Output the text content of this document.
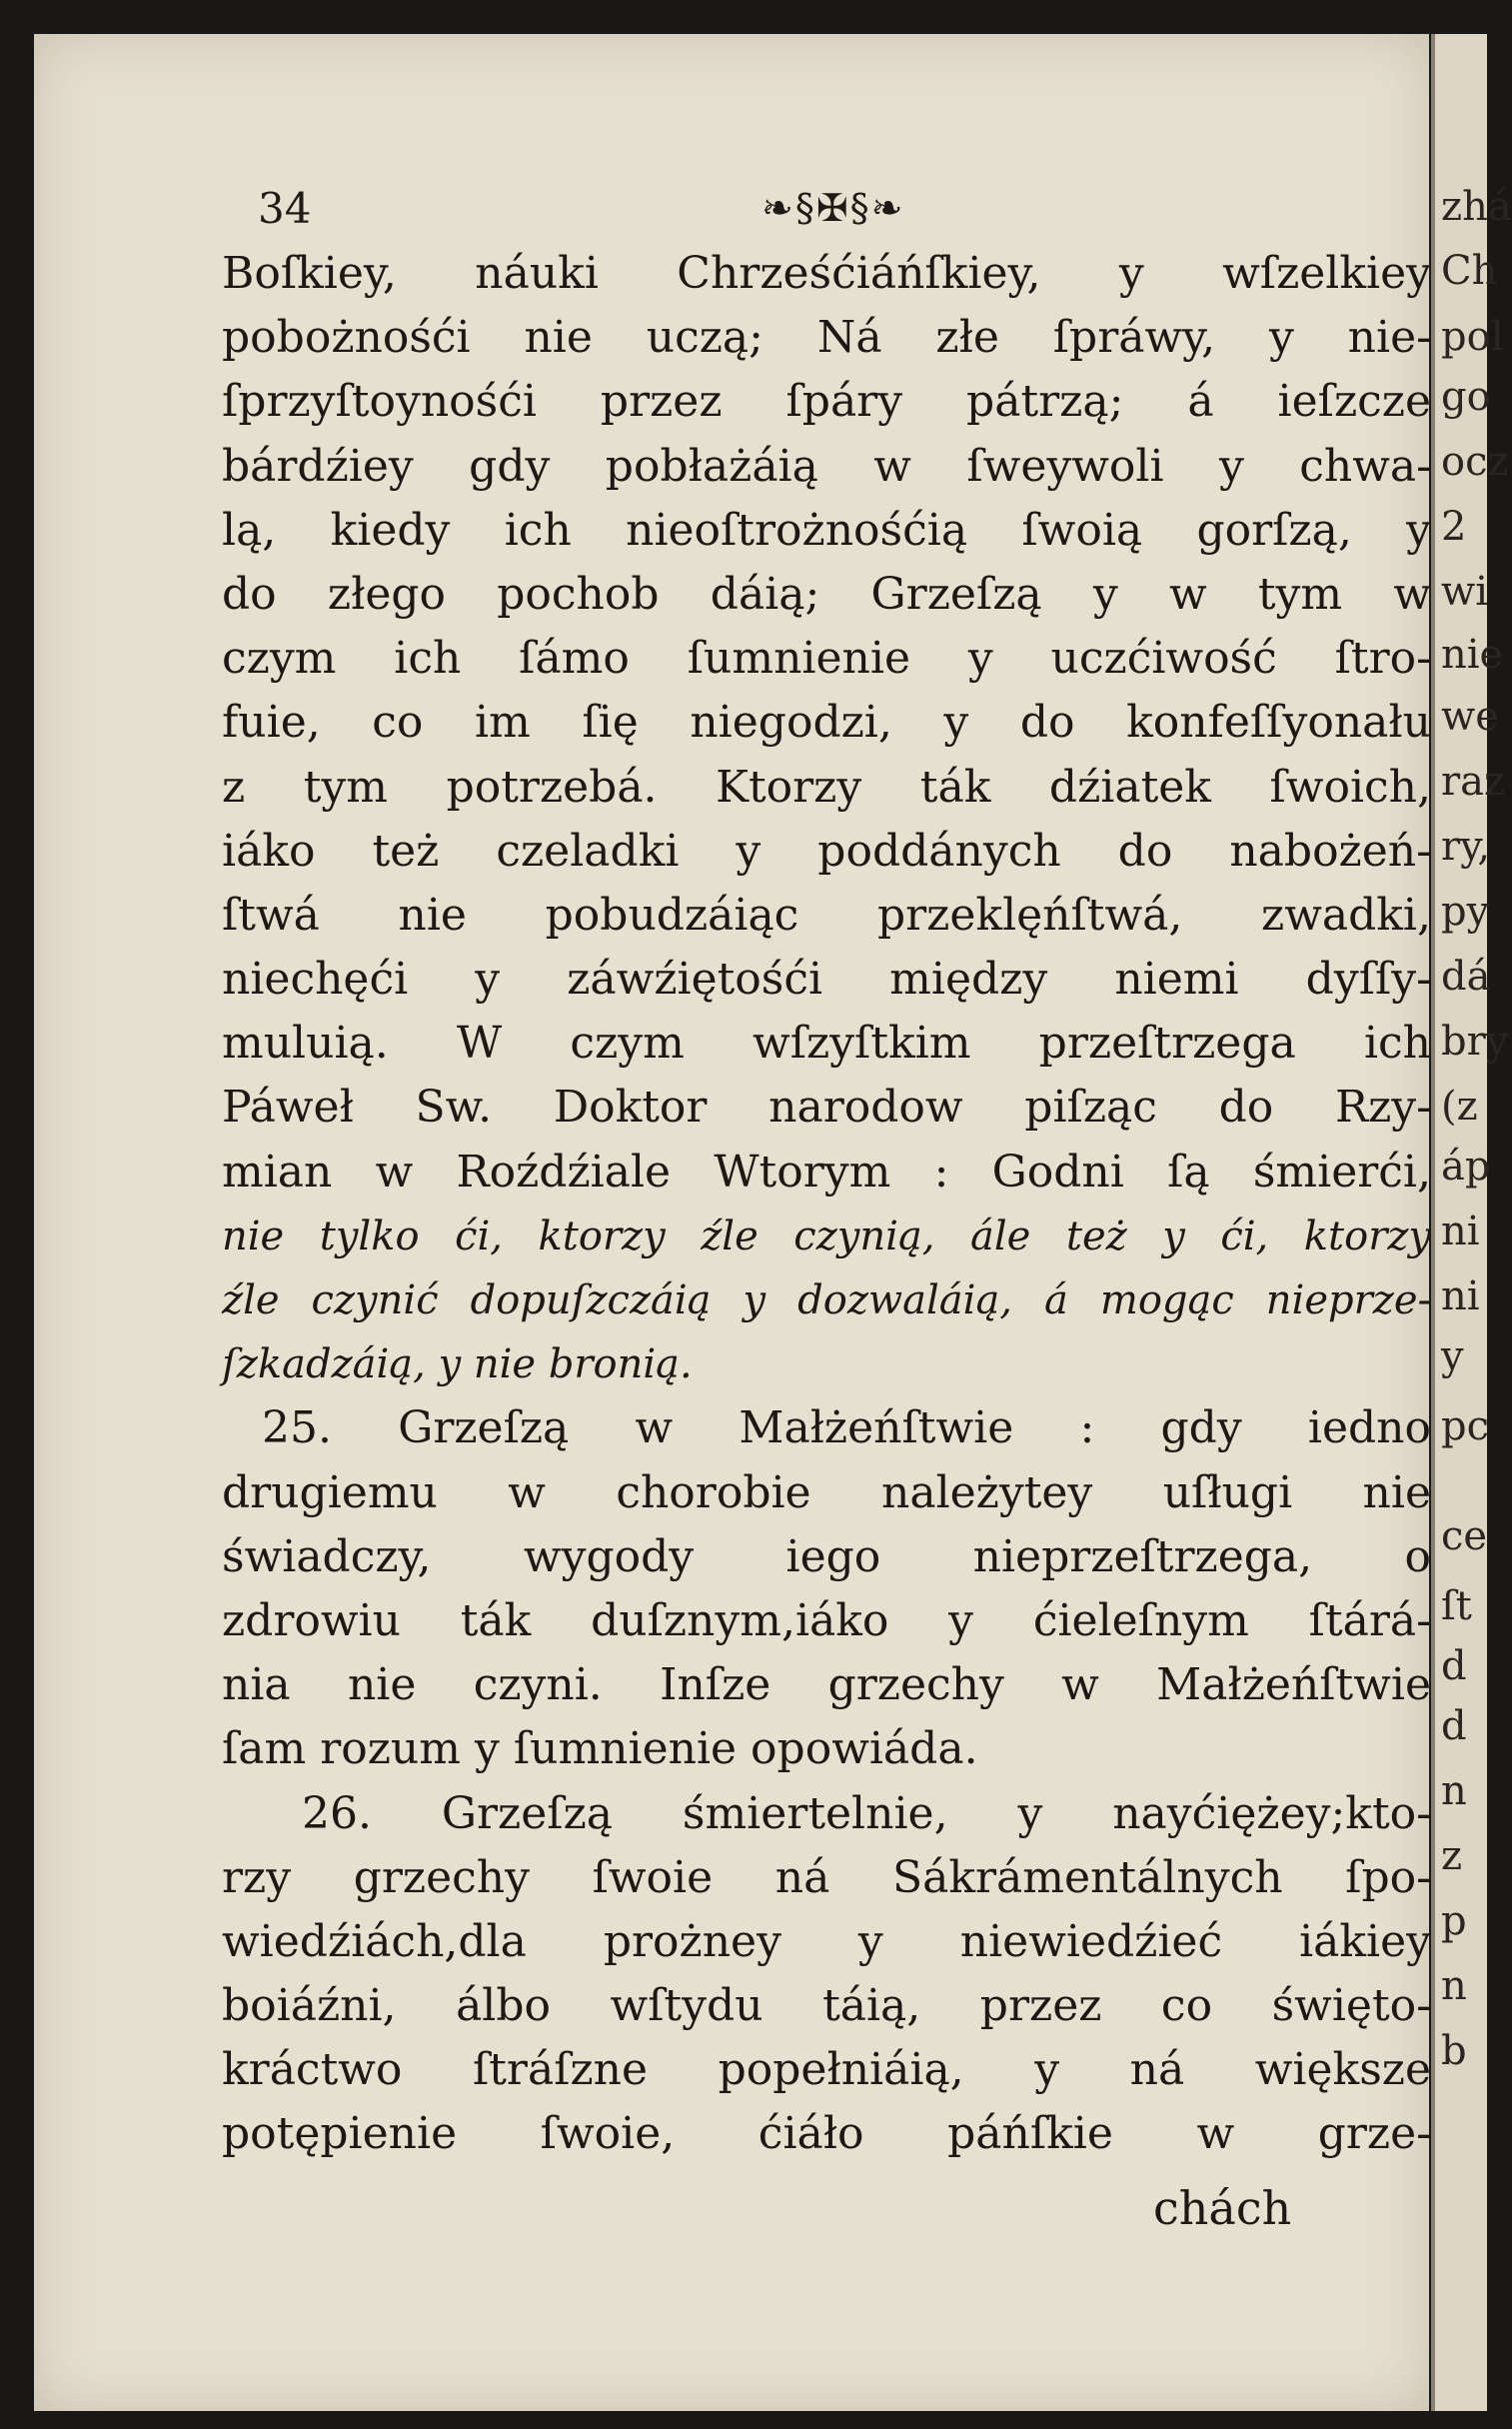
34	❧§✠§❧
Boſkiey, náuki Chrześćiáńſkiey, y wſzelkiey
pobożnośći nie uczą; Ná złe ſpráwy, y nie-
ſprzyſtoynośći przez ſpáry pátrzą; á ieſzcze
bárdźiey gdy pobłażáią w ſweywoli y chwa-
lą, kiedy ich nieoſtrożnośćią ſwoią gorſzą, y
do złego pochob dáią; Grzeſzą y w tym w
czym ich ſámo ſumnienie y uczćiwość ſtro-
fuie, co im ſię niegodzi, y do konfeſſyonału
z tym potrzebá. Ktorzy ták dźiatek ſwoich,
iáko też czeladki y poddánych do nabożeń-
ſtwá nie pobudzáiąc przeklęńſtwá, zwadki,
niechęći y záwźiętośći między niemi dyſſy-
muluią. W czym wſzyſtkim przeſtrzega ich
Páweł Sw. Doktor narodow piſząc do Rzy-
mian w Roźdźiale Wtorym : Godni ſą śmierći,
nie tylko ći, ktorzy źle czynią, ále też y ći, ktorzy
źle czynić dopuſzczáią y dozwaláią, á mogąc nieprze-
ſzkadzáią, y nie bronią.
25. Grzeſzą w Małżeńſtwie : gdy iedno
drugiemu w chorobie należytey uſługi nie
świadczy, wygody iego nieprzeſtrzega, o
zdrowiu ták duſznym,iáko y ćieleſnym ſtárá-
nia nie czyni. Inſze grzechy w Małżeńſtwie
ſam rozum y ſumnienie opowiáda.
26. Grzeſzą śmiertelnie, y nayćiężey;kto-
rzy grzechy ſwoie ná Sákrámentálnych ſpo-
wiedźiách,dla prożney y niewiedźieć iákiey
boiáźni, álbo wſtydu táią, przez co święto-
kráctwo ſtráſzne popełniáią, y ná większe
potępienie ſwoie, ćiáło páńſkie w grze-
chách
zhá
Ch
pol
go
ocz
2
wi
nie
we
raz
ry,
py
dá
bry
(z
áp
ni
ni
y
pc
ce
ſt
d
d
n
z
p
n
b
